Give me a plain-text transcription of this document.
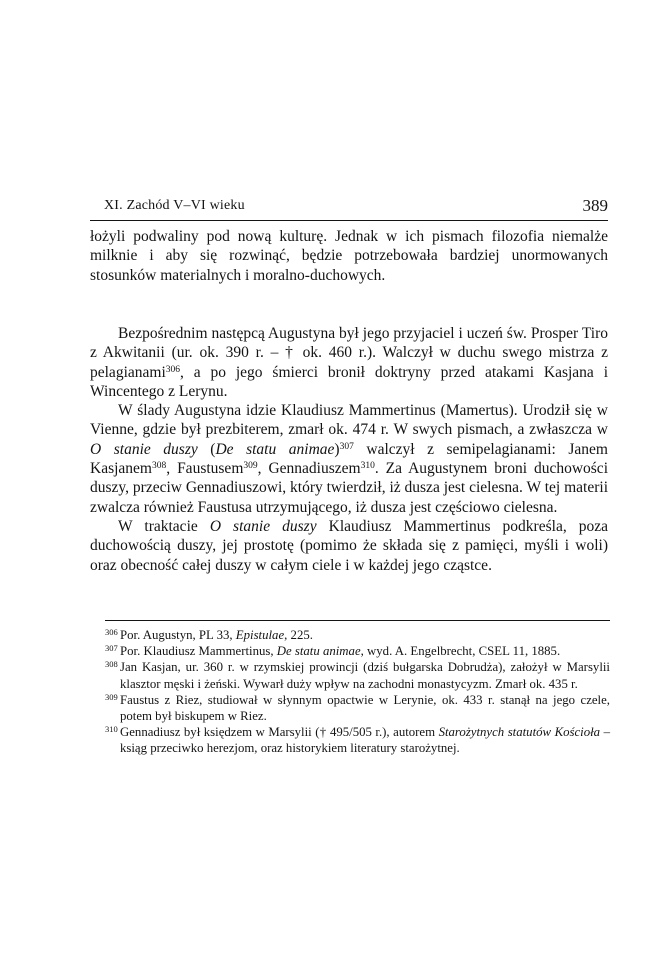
XI. Zachód V–VI wieku	389

łożyli podwaliny pod nową kulturę. Jednak w ich pismach filozofia niemalże milknie i aby się rozwinąć, będzie potrzebowała bardziej unormowanych stosunków materialnych i moralno-duchowych.

Bezpośrednim następcą Augustyna był jego przyjaciel i uczeń św. Prosper Tiro z Akwitanii (ur. ok. 390 r. – † ok. 460 r.). Walczył w duchu swego mistrza z pelagianami$^{306}$, a po jego śmierci bronił doktryny przed atakami Kasjana i Wincentego z Lerynu.

W ślady Augustyna idzie Klaudiusz Mammertinus (Mamertus). Urodził się w Vienne, gdzie był prezbiterem, zmarł ok. 474 r. W swych pismach, a zwłaszcza w O stanie duszy (De statu animae)$^{307}$ walczył z semipelagianami: Janem Kasjanem$^{308}$, Faustusem$^{309}$, Gennadiuszem$^{310}$. Za Augustynem broni duchowości duszy, przeciw Gennadiuszowi, który twierdził, iż dusza jest cielesna. W tej materii zwalcza również Faustusa utrzymującego, iż dusza jest częściowo cielesna.

W traktacie O stanie duszy Klaudiusz Mammertinus podkreśla, poza duchowością duszy, jej prostotę (pomimo że składa się z pamięci, myśli i woli) oraz obecność całej duszy w całym ciele i w każdej jego cząstce.

306 Por. Augustyn, PL 33, Epistulae, 225.
307 Por. Klaudiusz Mammertinus, De statu animae, wyd. A. Engelbrecht, CSEL 11, 1885.
308 Jan Kasjan, ur. 360 r. w rzymskiej prowincji (dziś bułgarska Dobrudża), założył w Marsylii klasztor męski i żeński. Wywarł duży wpływ na zachodni monastycyzm. Zmarł ok. 435 r.
309 Faustus z Riez, studiował w słynnym opactwie w Lerynie, ok. 433 r. stanął na jego czele, potem był biskupem w Riez.
310 Gennadiusz był księdzem w Marsylii († 495/505 r.), autorem Starożytnych statutów Kościoła – ksiąg przeciwko herezjom, oraz historykiem literatury starożytnej.
